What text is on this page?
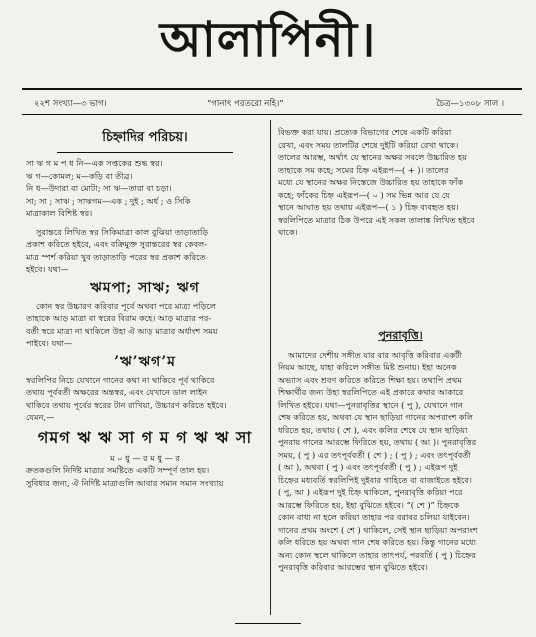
আলাপিনী।
২২শ সংখ্যা—৩ ভাগ।	“গানাৎ পরতরো নহি।”	চৈত্র—১৩০৮ সাল ।
চিহ্নাদির পরিচয়।
সা ঋ গ ম প ধ নি—এক সপ্তকের শুদ্ধ স্বর।
ঋ গ—কোমল; ম—কড়ি বা তীব্র।
নি ধ—উদারা বা মোটা; সা ঋ—তারা বা চড়া।
সা; সা ; সাঋ ; সাঋগম—এক ; দুই ; অর্ধ ; ও সিকি
মাত্রাকাল বিশিষ্ট স্বর।
সুরান্তরে লিখিত স্বর সিকিমাত্রা কাল বুঝিয়া তাড়াতাড়ি
প্রকাশ করিতে হইবে, এবং বক্রিমুক্ত সুরান্তরের স্বর কেবল-
মাত্র স্পর্শ করিয়া খুব তাড়াতাড়ি পরের স্বর প্রকাশ করিতে
হইবে। যথা—
ঋমপা; সাঋ; ঋগ
কোন স্বর উচ্চারণ করিবার পূর্বে অথবা পরে মাত্রা পড়িলে
তাহাকে আড় মাত্রা বা স্বরের বিরাম কহে। আড় মাত্রার পর-
বর্তী স্বরে মাত্রা না থাকিলে উহা ঐ আড় মাত্রার অর্ধাংশ সময়
পাইবে। যথা—
’ঋ’ঋগ’ম
স্বরলিপির নিচে যেখানে গানের কথা না থাকিবে পূর্ব থাকিবে
তথায় পূর্ববর্তী অক্ষরের অন্তস্বর, এবং যেখানে ডাল লাইন
থাকিবে তথায় পূর্বের স্বরের টান রাখিয়া, উচ্চারণ করিতে হইবে।
যেমন,—
গমগ ঋ ঋ সা গ ম গ ঋ ঋ সা
ম ০ ধু — র ম ধু — র
ক্রতকগুলি নির্দিষ্ট মাত্রার সমষ্টিতে একটি সম্পূর্ণ তাল হয়।
সুবিধার জন্য, ঐ নির্দিষ্ট মাত্রাগুলি আবার সমান সমান সংখ্যায়
বিভক্ত করা যায়। প্রত্যেক বিভাগের শেষে একটি করিয়া
রেখা, এবং সময় তালটির শেষে দুইটি করিয়া রেখা থাকে।
তালের আরম্ভ, অর্থাৎ যে স্থানের অক্ষর সবলে উচ্চারিত হয়
তাহাকে সম কহে; সমের চিহ্ন এইরূপ—( + )। তালের
মধ্যে যে স্থানের অক্ষর নিস্তেজে উচ্চারিত হয় তাহাকে ফাঁক
কহে; ফাঁকের চিহ্ন এইরূপ—( ০ ) সম ভিন্ন আর যে যে
স্থানে আঘাত হয় তথায় এইরূপ—( ১ ) চিহ্ন ব্যবহৃত হয়।
স্বরলিপিতে মাত্রার ঠিক উপরে এই সকল তালাঙ্ক লিখিত হইবে
থাকে।
পুনরাবৃত্তি।
আমাদের দেশীয় সঙ্গীত যার বার আবৃত্তি করিবার একটী
নিয়ম আছে, যাহা করিলে সঙ্গীত মিষ্ট শুনায়। ইহা অনেক
অভ্যাস এবং শ্রবণ করিতে করিতে শিক্ষা হয়। তথাপি প্রথম
শিক্ষার্থীর জন্য উহা স্বরলিপিতে এই প্রকারে কথার আকারে
লিখিত হইবে। যথা—পুনরাবৃত্তির স্থানে ( পু ), যেখানে গান
শেষ করিতে হয়, অথবা যে স্থান ছাড়িয়া গানের অপরাংশ কলি
ধরিতে হয়, তথায় ( শে ), এবং কলির শেষে যে স্থান ছাড়িয়া
পুনরায় গানের আরম্ভে ফিরিতে হয়, তথায় ( আ )। পুনরাবৃত্তির
সময়, ( পু ) এর তৎপূর্ববর্তী ( শে ) ; ( পু ) ; এবং তৎপূর্ববর্তী
( আ ), অথবা ( পু ) এবং তৎপূর্ববর্তী ( পু ) ; এইরূপ দুই
চিহ্নের মধ্যবর্তি স্বরলিপিই দুইবার গাহিতে বা বাজাইতে হইবে।
( পু, আ ) এইরূপ দুই চিহ্ন থাকিলে, পুনরাবৃত্তি করিয়া পরে
আরম্ভে ফিরিতে হয়, ইহা বুঝিতে হইবে। “( শে )” চিহ্নকে
কোন বাধা না হলে করিয়া তাহার পর বরাবর চলিয়া যাইবেন।
গানের প্রথম অংশে ( শে ) থাকিলে, সেই স্থান ছাড়িয়া অপরাংশ
কলি ধরিতে হয় অথবা গান শেষ করিতে হয়। কিন্তু গানের মধ্যে
অন্য কোন স্থলে থাকিলে তাহার তাৎপর্য, পরবর্তি ( পু ) চিহ্নের
পুনরাবৃত্তি করিবার আরম্ভের স্থান বুঝিতে হইবে।
